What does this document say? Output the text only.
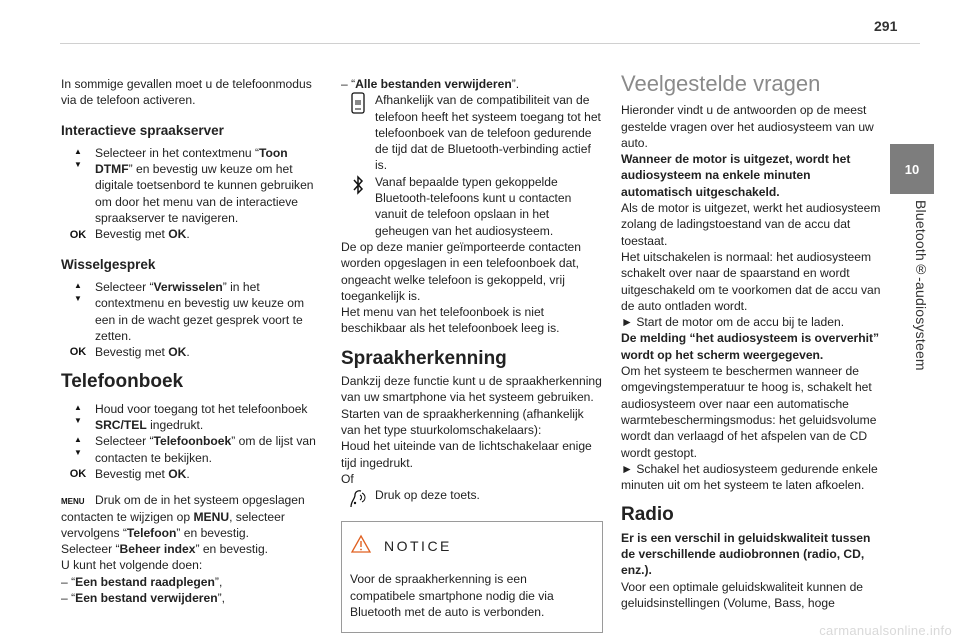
291
10
Bluetooth®-audiosysteem

In sommige gevallen moet u de telefoonmodus via de telefoon activeren.

Interactieve spraakserver
▲
▼

Selecteer in het contextmenu “Toon DTMF” en bevestig uw keuze om het digitale toetsenbord te kunnen gebruiken om door het menu van de interactieve spraakserver te navigeren.

OK Bevestig met OK.

Wisselgesprek
▲
▼

Selecteer “Verwisselen” in het contextmenu en bevestig uw keuze om een in de wacht gezet gesprek voort te zetten.

OK Bevestig met OK.

Telefoonboek
▲
▼

Houd voor toegang tot het telefoonboek SRC/TEL ingedrukt.

▲
▼

Selecteer “Telefoonboek” om de lijst van contacten te bekijken.

OK Bevestig met OK.

MENU Druk om de in het systeem opgeslagen contacten te wijzigen op MENU, selecteer vervolgens “Telefoon” en bevestig.

Selecteer “Beheer index” en bevestig.

U kunt het volgende doen:

– “Een bestand raadplegen”,

– “Een bestand verwijderen”,

– “Alle bestanden verwijderen”.

Afhankelijk van de compatibiliteit van de telefoon heeft het systeem toegang tot het telefoonboek van de telefoon gedurende de tijd dat de Bluetooth-verbinding actief is.

Vanaf bepaalde typen gekoppelde Bluetooth-telefoons kunt u contacten vanuit de telefoon opslaan in het geheugen van het audiosysteem.

De op deze manier geïmporteerde contacten worden opgeslagen in een telefoonboek dat, ongeacht welke telefoon is gekoppeld, vrij toegankelijk is.

Het menu van het telefoonboek is niet beschikbaar als het telefoonboek leeg is.

Spraakherkenning

Dankzij deze functie kunt u de spraakherkenning van uw smartphone via het systeem gebruiken.

Starten van de spraakherkenning (afhankelijk van het type stuurkolomschakelaars):

Houd het uiteinde van de lichtschakelaar enige tijd ingedrukt.

Of

Druk op deze toets.

NOTICE

Voor de spraakherkenning is een compatibele smartphone nodig die via Bluetooth met de auto is verbonden.

Veelgestelde vragen

Hieronder vindt u de antwoorden op de meest gestelde vragen over het audiosysteem van uw auto.

Wanneer de motor is uitgezet, wordt het audiosysteem na enkele minuten automatisch uitgeschakeld.

Als de motor is uitgezet, werkt het audiosysteem zolang de ladingstoestand van de accu dat toestaat.

Het uitschakelen is normaal: het audiosysteem schakelt over naar de spaarstand en wordt uitgeschakeld om te voorkomen dat de accu van de auto ontladen wordt.

► Start de motor om de accu bij te laden.

De melding “het audiosysteem is oververhit” wordt op het scherm weergegeven.

Om het systeem te beschermen wanneer de omgevingstemperatuur te hoog is, schakelt het audiosysteem over naar een automatische warmtebeschermingsmodus: het geluidsvolume wordt dan verlaagd of het afspelen van de CD wordt gestopt.

► Schakel het audiosysteem gedurende enkele minuten uit om het systeem te laten afkoelen.

Radio

Er is een verschil in geluidskwaliteit tussen de verschillende audiobronnen (radio, CD, enz.).

Voor een optimale geluidskwaliteit kunnen de geluidsinstellingen (Volume, Bass, hoge

carmanualsonline.info
